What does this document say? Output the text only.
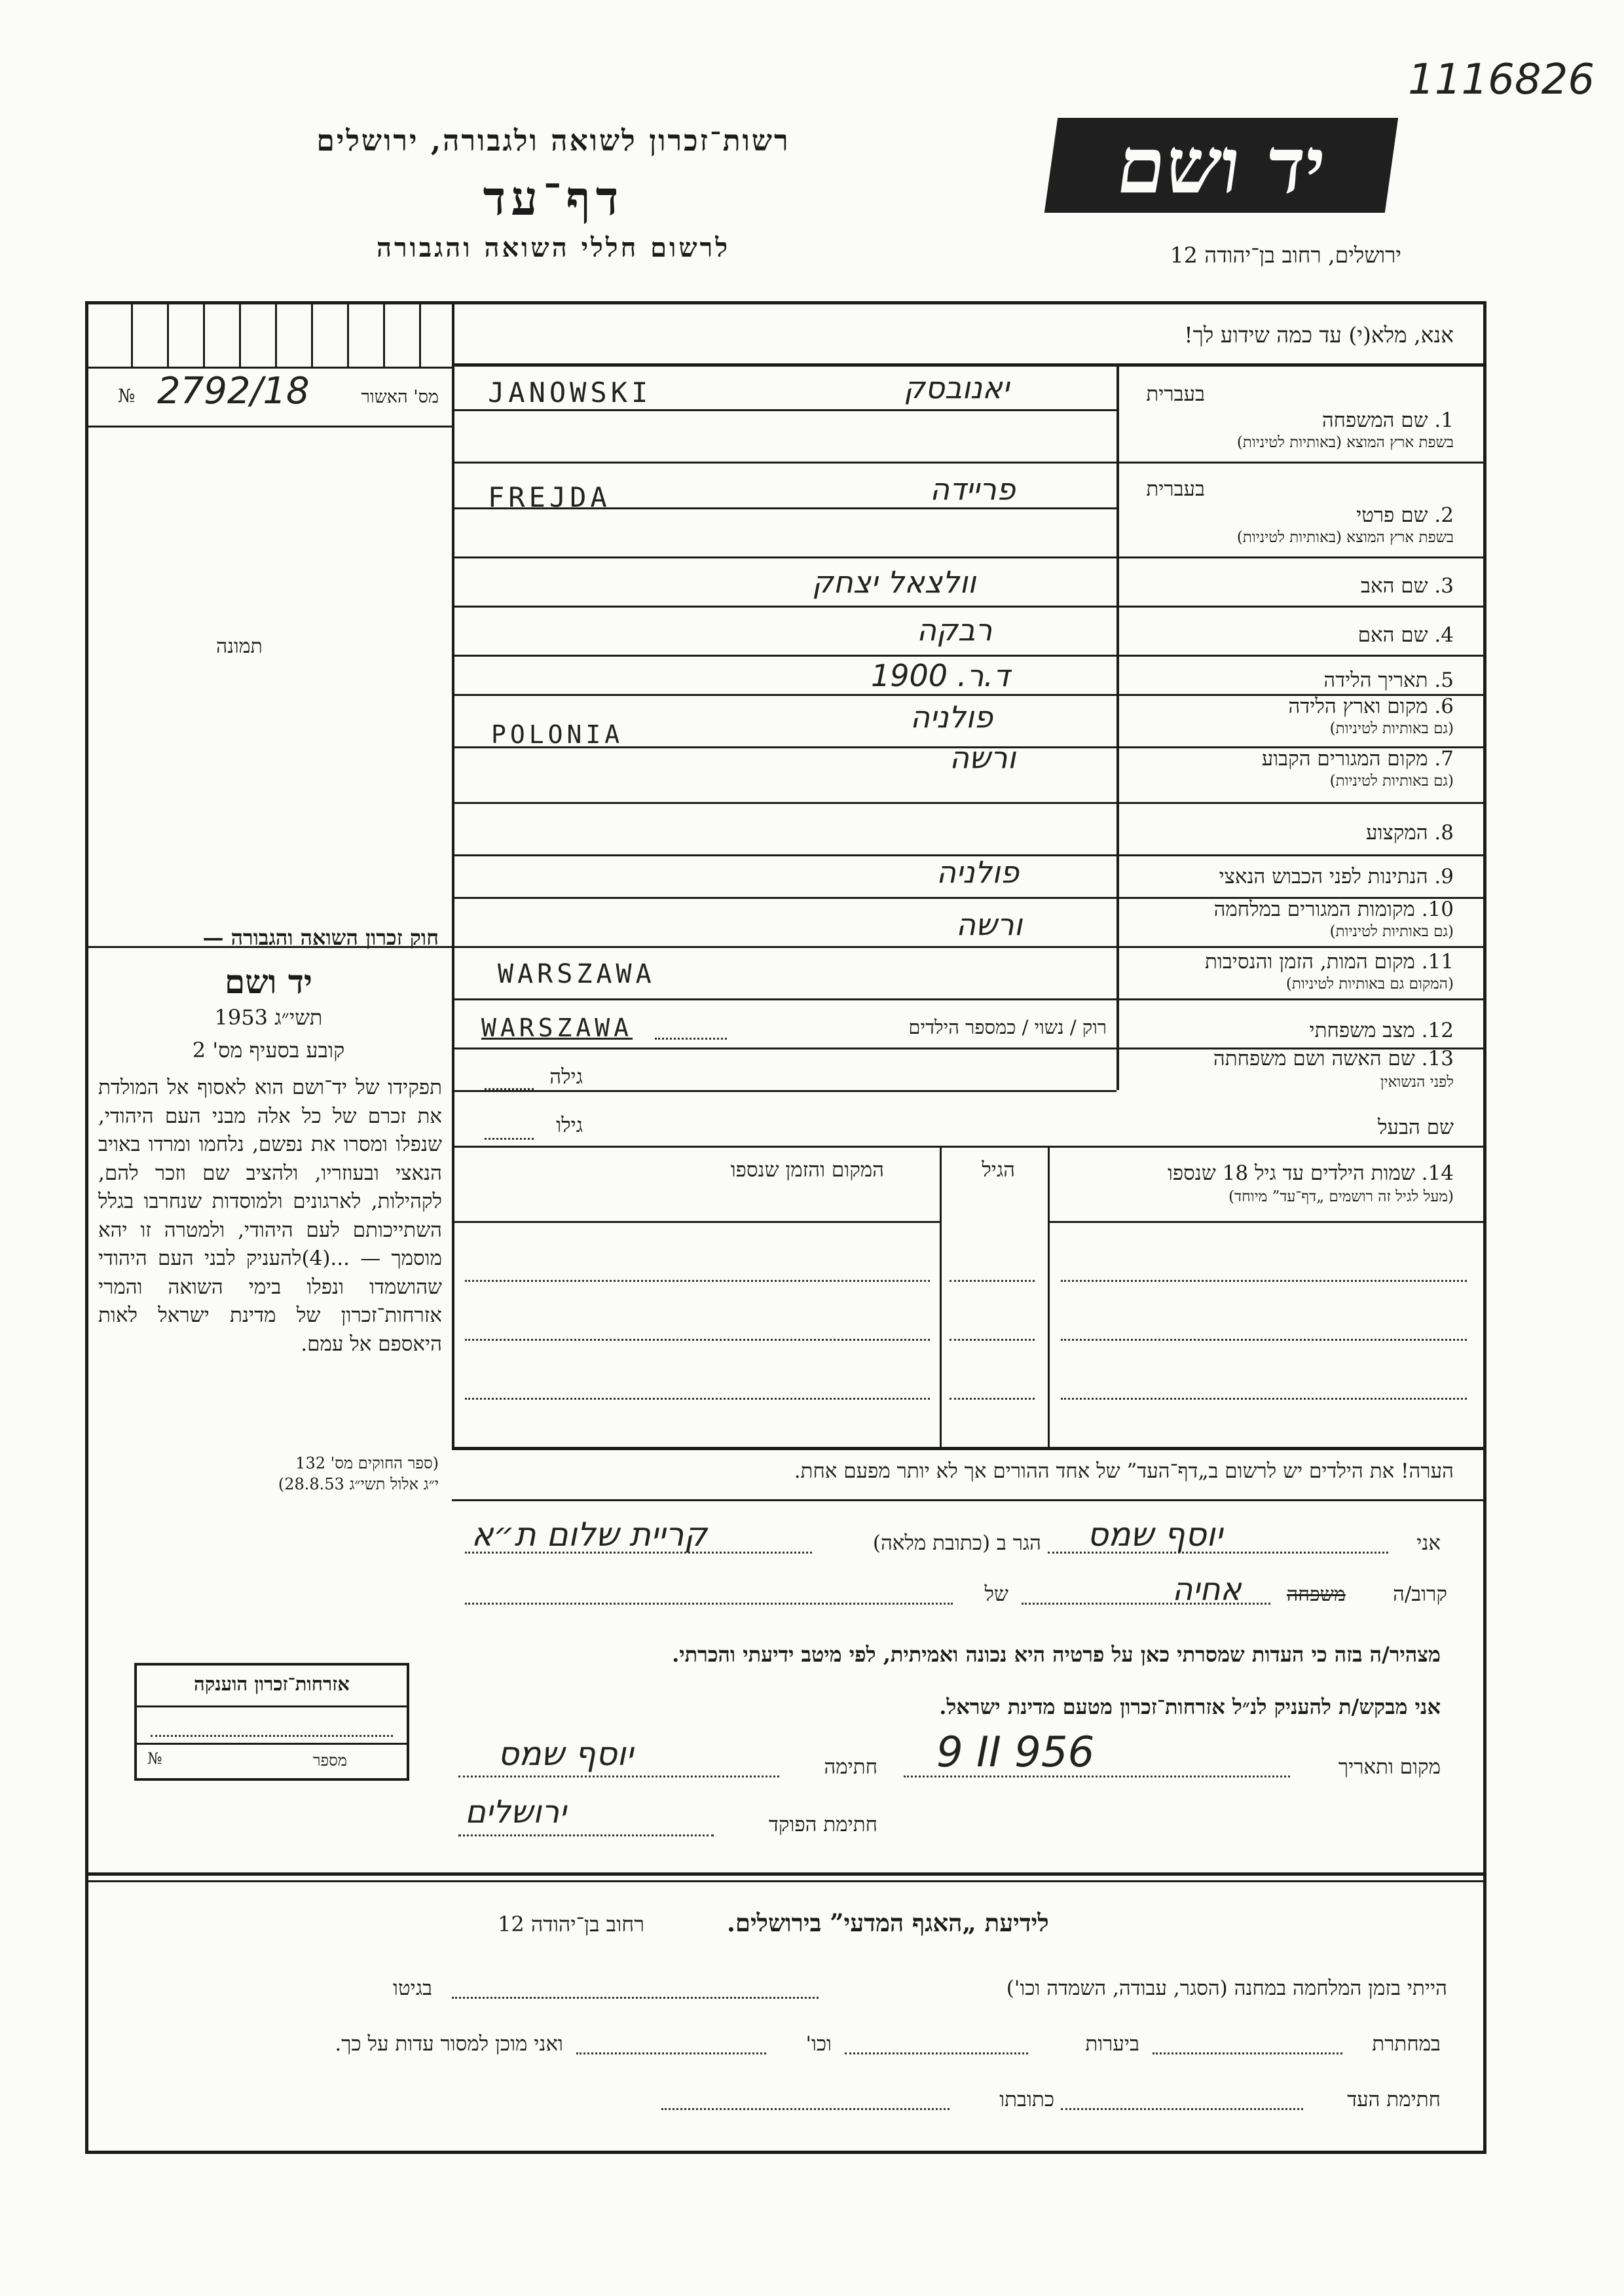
1116826
יד ושם
רשות־זכרון לשואה ולגבורה, ירושלים
דף־עד
לרשום חללי השואה והגבורה	ירושלים, רחוב בן־יהודה 12
מס' האשור
№ 2792/18
תמונה
אנא, מלא(י) עד כמה שידוע לך!
בעברית
1. שם המשפחה
בשפת ארץ המוצא (באותיות לטיניות)
יאנובסק
JANOWSKI
בעברית
2. שם פרטי
בשפת ארץ המוצא (באותיות לטיניות)
פריידה
FREJDA
3. שם האב
וולצאל יצחק
4. שם האם
רבקה
5. תאריך הלידה
ד.ר. 1900
6. מקום וארץ הלידה
(גם באותיות לטיניות)
פולניה
POLONIA
7. מקום המגורים הקבוע
(גם באותיות לטיניות)
ורשה
8. המקצוע
9. הנתינות לפני הכבוש הנאצי
פולניה
10. מקומות המגורים במלחמה
(גם באותיות לטיניות)
ורשה
11. מקום המות, הזמן והנסיבות
(המקום גם באותיות לטיניות)
WARSZAWA
12. מצב משפחתי
רוק / נשוי / כמספר הילדים
WARSZAWA
13. שם האשה ושם משפחתה
לפני הנשואין
גילה
שם הבעל
גילו
14. שמות הילדים עד גיל 18 שנספו
(מעל לגיל זה רושמים „דף־עד” מיוחד)
הגיל
המקום והזמן שנספו
חוק זכרון השואה והגבורה —
יד ושם
תשי״ג 1953
קובע בסעיף מס' 2
תפקידו של יד־ושם הוא לאסוף אל המולדת את זכרם של כל אלה מבני העם היהודי, שנפלו ומסרו את נפשם, נלחמו ומרדו באויב הנאצי ובעוזריו, ולהציב שם וזכר להם, לקהילות, לארגונים ולמוסדות שנחרבו בגלל השתייכותם לעם היהודי, ולמטרה זו יהא מוסמך — ...(4)להעניק לבני העם היהודי שהושמדו ונפלו בימי השואה והמרי אזרחות־זכרון של מדינת ישראל לאות היאספם אל עמם.
(ספר החוקים מס' 132
י״ג אלול תשי״ג 28.8.53)
הערה! את הילדים יש לרשום ב„דף־העד” של אחד ההורים אך לא יותר מפעם אחת.
אני
יוסף שמס
הגר ב (כתובת מלאה)
קריית שלום ת״א
קרוב/ה
משפחה
אחיה
של
מצהיר/ה בזה כי העדות שמסרתי כאן על פרטיה היא נכונה ואמיתית, לפי מיטב ידיעתי והכרתי.
אני מבקש/ת להעניק לנ״ל אזרחות־זכרון מטעם מדינת ישראל.
מקום ותאריך
9 II 956
חתימה
יוסף שמס
חתימת הפוקד
ירושלים
אזרחות־זכרון הוענקה
מספר
№
לידיעת „האגף המדעי” בירושלים.
רחוב בן־יהודה 12
הייתי בזמן המלחמה במחנה (הסגר, עבודה, השמדה וכו')
בגיטו
במחתרת
ביערות
וכו'
ואני מוכן למסור עדות על כך.
חתימת העד
כתובתו
